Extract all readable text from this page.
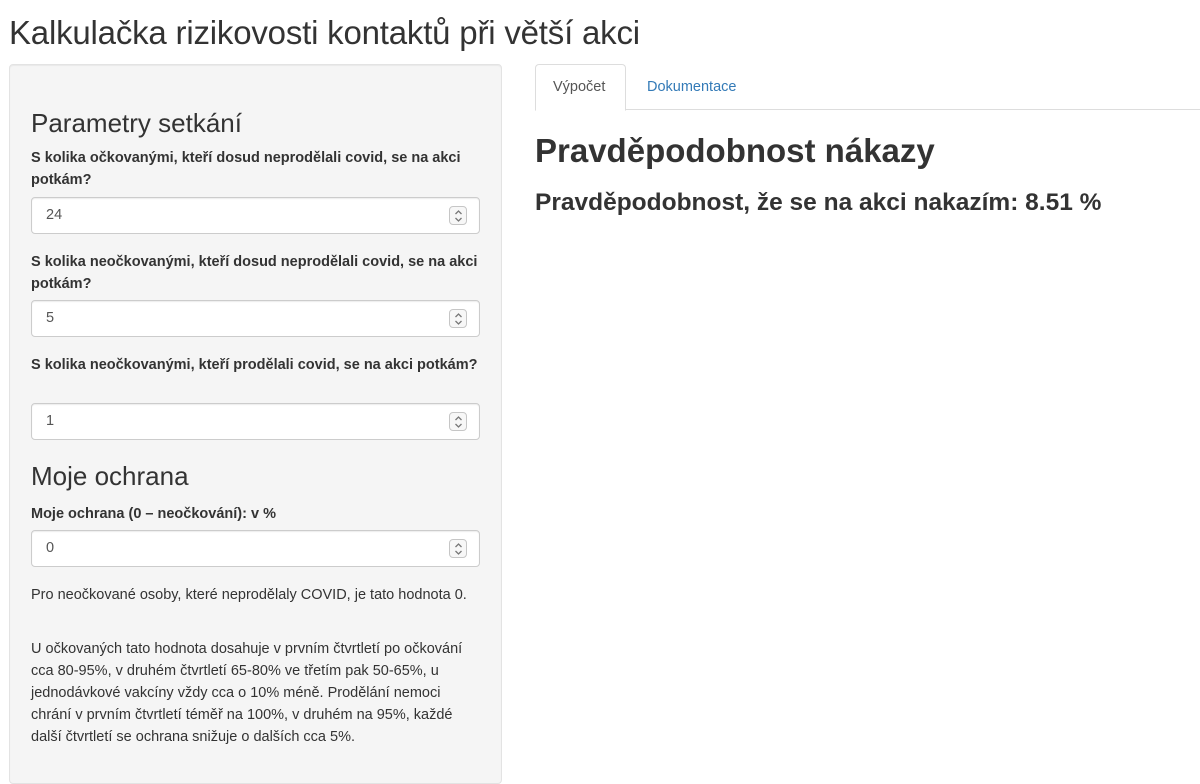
Kalkulačka rizikovosti kontaktů při větší akci
Parametry setkání
S kolika očkovanými, kteří dosud neprodělali covid, se na akci potkám?
24
S kolika neočkovanými, kteří dosud neprodělali covid, se na akci potkám?
5
S kolika neočkovanými, kteří prodělali covid, se na akci potkám?
1
Moje ochrana
Moje ochrana (0 – neočkování): v %
0
Pro neočkované osoby, které neprodělaly COVID, je tato hodnota 0.
U očkovaných tato hodnota dosahuje v prvním čtvrtletí po očkování cca 80-95%, v druhém čtvrtletí 65-80% ve třetím pak 50-65%, u jednodávkové vakcíny vždy cca o 10% méně. Prodělání nemoci chrání v prvním čtvrtletí téměř na 100%, v druhém na 95%, každé další čtvrtletí se ochrana snižuje o dalších cca 5%.
Výpočet	Dokumentace
Pravděpodobnost nákazy
Pravděpodobnost, že se na akci nakazím: 8.51 %
